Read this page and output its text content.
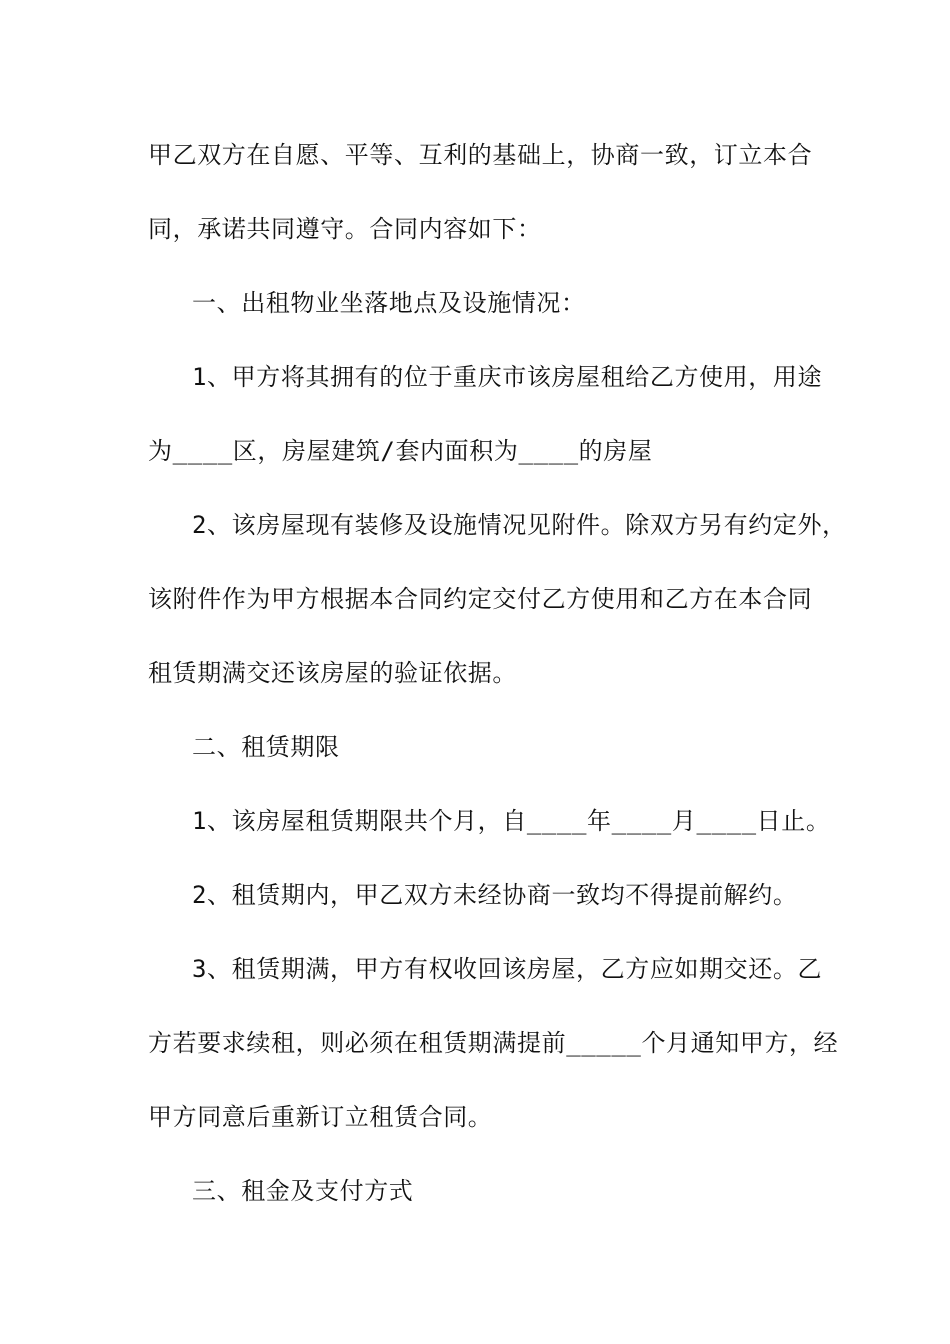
甲乙双方在自愿、平等、互利的基础上，协商一致，订立本合
同，承诺共同遵守。合同内容如下：
一、出租物业坐落地点及设施情况：
1、甲方将其拥有的位于重庆市该房屋租给乙方使用，用途
为____区，房屋建筑/套内面积为____的房屋
2、该房屋现有装修及设施情况见附件。除双方另有约定外，
该附件作为甲方根据本合同约定交付乙方使用和乙方在本合同
租赁期满交还该房屋的验证依据。
二、租赁期限
1、该房屋租赁期限共个月，自____年____月____日止。
2、租赁期内，甲乙双方未经协商一致均不得提前解约。
3、租赁期满，甲方有权收回该房屋，乙方应如期交还。乙
方若要求续租，则必须在租赁期满提前_____个月通知甲方，经
甲方同意后重新订立租赁合同。
三、租金及支付方式
